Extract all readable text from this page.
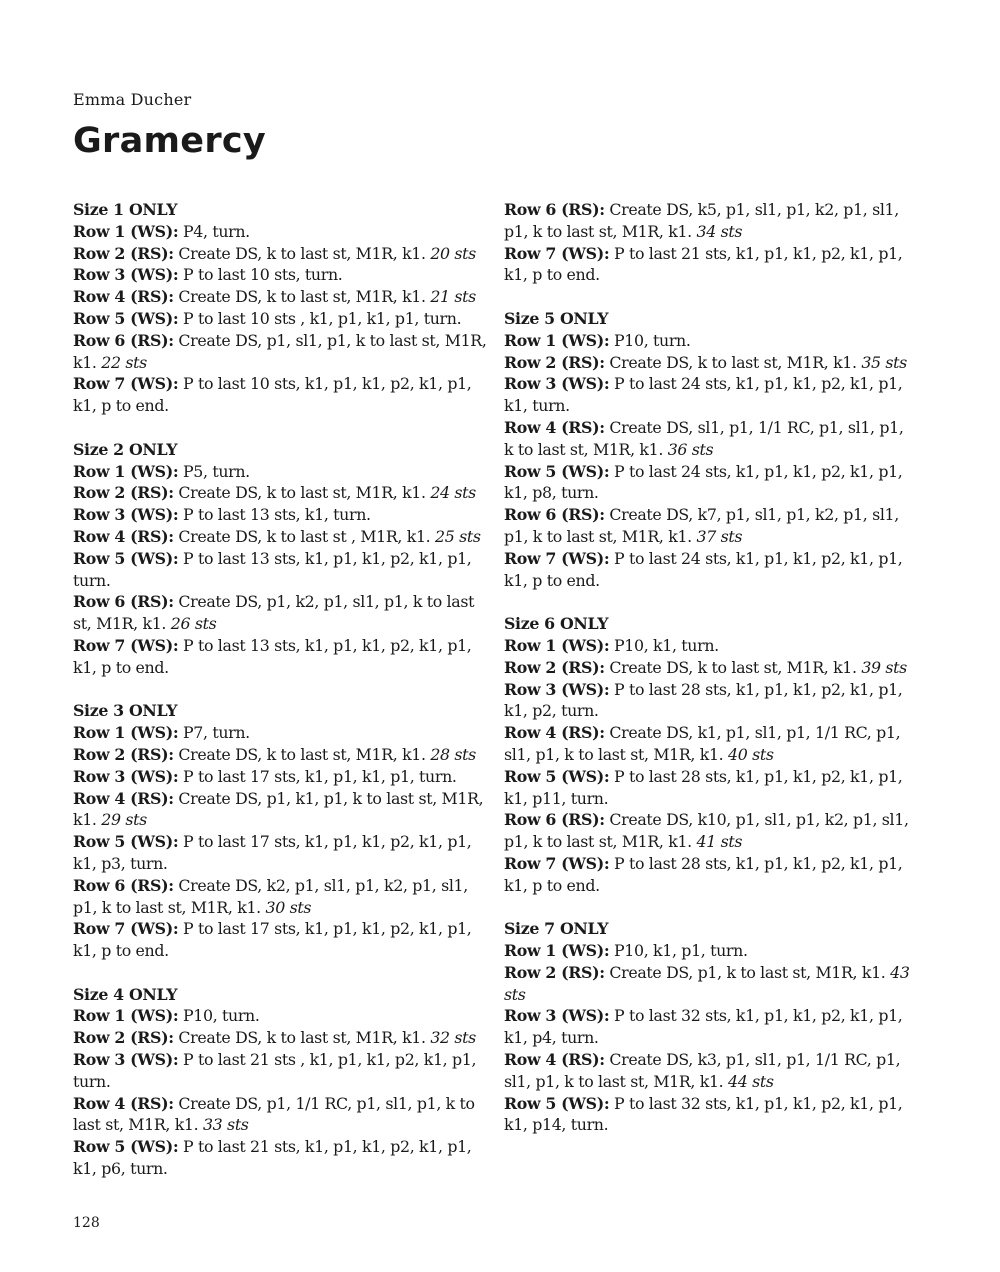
Emma Ducher
Gramercy
Size 1 ONLY

Row 1 (WS): P4, turn.

Row 2 (RS): Create DS, k to last st, M1R, k1. 20 sts

Row 3 (WS): P to last 10 sts, turn.

Row 4 (RS): Create DS, k to last st, M1R, k1. 21 sts

Row 5 (WS): P to last 10 sts , k1, p1, k1, p1, turn.

Row 6 (RS): Create DS, p1, sl1, p1, k to last st, M1R, k1. 22 sts

Row 7 (WS): P to last 10 sts, k1, p1, k1, p2, k1, p1, k1, p to end.

Size 2 ONLY

Row 1 (WS): P5, turn.

Row 2 (RS): Create DS, k to last st, M1R, k1. 24 sts

Row 3 (WS): P to last 13 sts, k1, turn.

Row 4 (RS): Create DS, k to last st , M1R, k1. 25 sts

Row 5 (WS): P to last 13 sts, k1, p1, k1, p2, k1, p1, turn.

Row 6 (RS): Create DS, p1, k2, p1, sl1, p1, k to last st, M1R, k1. 26 sts

Row 7 (WS): P to last 13 sts, k1, p1, k1, p2, k1, p1, k1, p to end.

Size 3 ONLY

Row 1 (WS): P7, turn.

Row 2 (RS): Create DS, k to last st, M1R, k1. 28 sts

Row 3 (WS): P to last 17 sts, k1, p1, k1, p1, turn.

Row 4 (RS): Create DS, p1, k1, p1, k to last st, M1R, k1. 29 sts

Row 5 (WS): P to last 17 sts, k1, p1, k1, p2, k1, p1, k1, p3, turn.

Row 6 (RS): Create DS, k2, p1, sl1, p1, k2, p1, sl1, p1, k to last st, M1R, k1. 30 sts

Row 7 (WS): P to last 17 sts, k1, p1, k1, p2, k1, p1, k1, p to end.

Size 4 ONLY

Row 1 (WS): P10, turn.

Row 2 (RS): Create DS, k to last st, M1R, k1. 32 sts

Row 3 (WS): P to last 21 sts , k1, p1, k1, p2, k1, p1, turn.

Row 4 (RS): Create DS, p1, 1/1 RC, p1, sl1, p1, k to last st, M1R, k1. 33 sts

Row 5 (WS): P to last 21 sts, k1, p1, k1, p2, k1, p1, k1, p6, turn.

Row 6 (RS): Create DS, k5, p1, sl1, p1, k2, p1, sl1, p1, k to last st, M1R, k1. 34 sts

Row 7 (WS): P to last 21 sts, k1, p1, k1, p2, k1, p1, k1, p to end.

Size 5 ONLY

Row 1 (WS): P10, turn.

Row 2 (RS): Create DS, k to last st, M1R, k1. 35 sts

Row 3 (WS): P to last 24 sts, k1, p1, k1, p2, k1, p1, k1, turn.

Row 4 (RS): Create DS, sl1, p1, 1/1 RC, p1, sl1, p1, k to last st, M1R, k1. 36 sts

Row 5 (WS): P to last 24 sts, k1, p1, k1, p2, k1, p1, k1, p8, turn.

Row 6 (RS): Create DS, k7, p1, sl1, p1, k2, p1, sl1, p1, k to last st, M1R, k1. 37 sts

Row 7 (WS): P to last 24 sts, k1, p1, k1, p2, k1, p1, k1, p to end.

Size 6 ONLY

Row 1 (WS): P10, k1, turn.

Row 2 (RS): Create DS, k to last st, M1R, k1. 39 sts

Row 3 (WS): P to last 28 sts, k1, p1, k1, p2, k1, p1, k1, p2, turn.

Row 4 (RS): Create DS, k1, p1, sl1, p1, 1/1 RC, p1, sl1, p1, k to last st, M1R, k1. 40 sts

Row 5 (WS): P to last 28 sts, k1, p1, k1, p2, k1, p1, k1, p11, turn.

Row 6 (RS): Create DS, k10, p1, sl1, p1, k2, p1, sl1, p1, k to last st, M1R, k1. 41 sts

Row 7 (WS): P to last 28 sts, k1, p1, k1, p2, k1, p1, k1, p to end.

Size 7 ONLY

Row 1 (WS): P10, k1, p1, turn.

Row 2 (RS): Create DS, p1, k to last st, M1R, k1. 43 sts

Row 3 (WS): P to last 32 sts, k1, p1, k1, p2, k1, p1, k1, p4, turn.

Row 4 (RS): Create DS, k3, p1, sl1, p1, 1/1 RC, p1, sl1, p1, k to last st, M1R, k1. 44 sts

Row 5 (WS): P to last 32 sts, k1, p1, k1, p2, k1, p1, k1, p14, turn.

128
